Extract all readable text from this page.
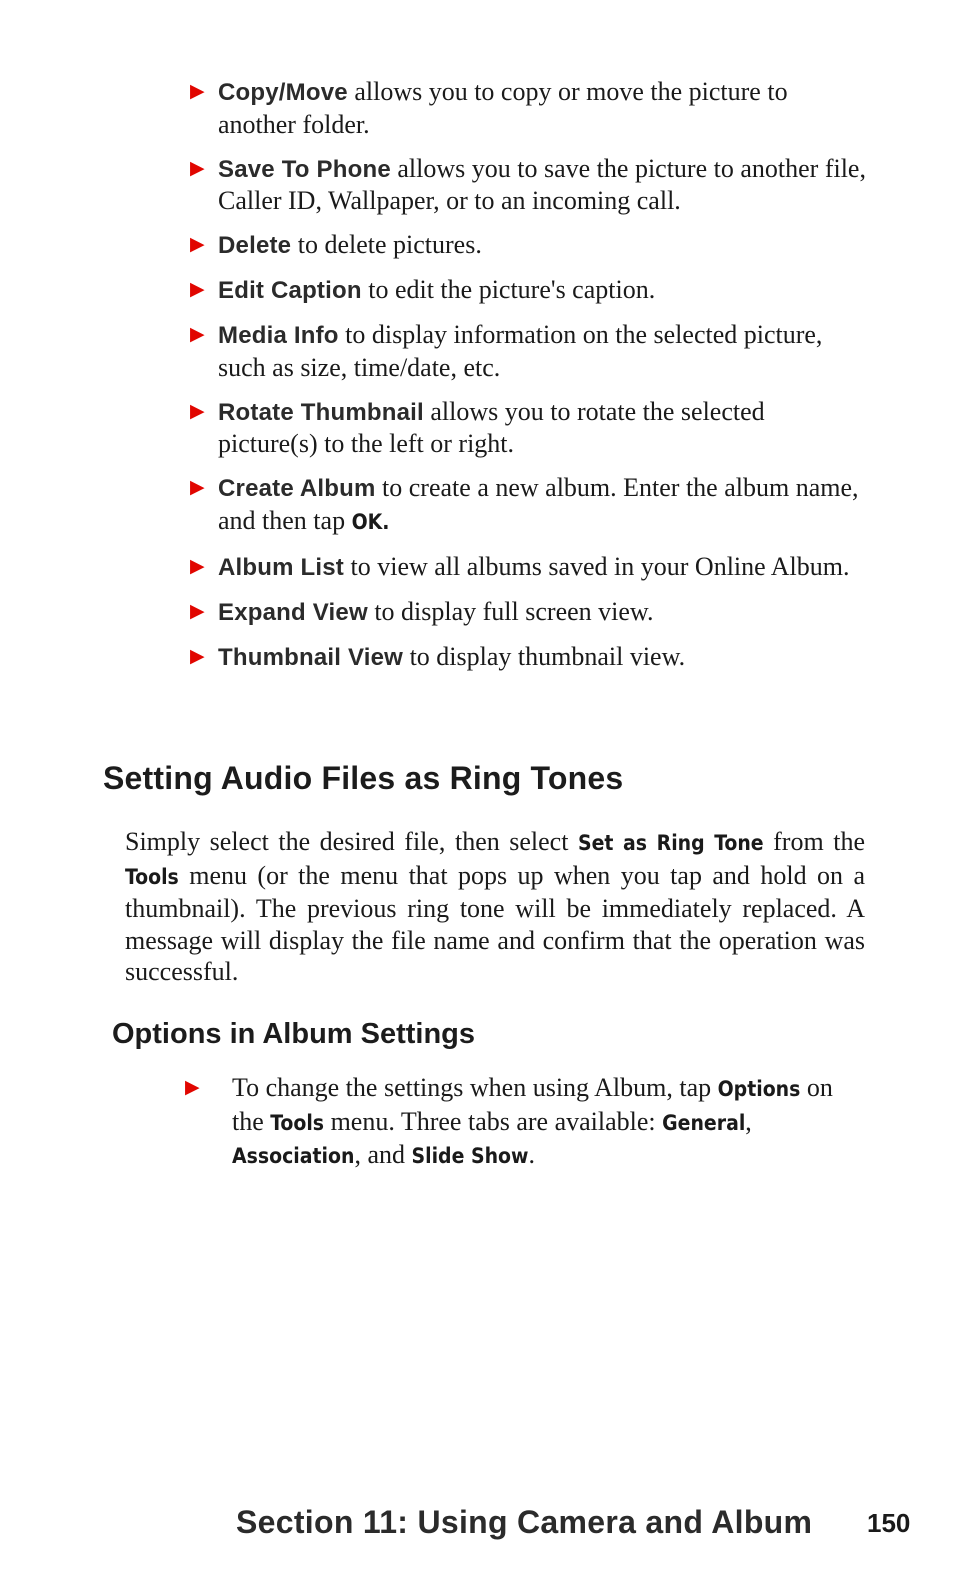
▶ Copy/Move allows you to copy or move the picture to another folder.
▶ Save To Phone allows you to save the picture to another file, Caller ID, Wallpaper, or to an incoming call.
▶ Delete to delete pictures.
▶ Edit Caption to edit the picture's caption.
▶ Media Info to display information on the selected picture, such as size, time/date, etc.
▶ Rotate Thumbnail allows you to rotate the selected picture(s) to the left or right.
▶ Create Album to create a new album. Enter the album name, and then tap OK.
▶ Album List to view all albums saved in your Online Album.
▶ Expand View to display full screen view.
▶ Thumbnail View to display thumbnail view.
Setting Audio Files as Ring Tones

Simply select the desired file, then select Set as Ring Tone from the Tools menu (or the menu that pops up when you tap and hold on a thumbnail). The previous ring tone will be immediately replaced. A message will display the file name and confirm that the operation was successful.

Options in Album Settings
▶ To change the settings when using Album, tap Options on the Tools menu. Three tabs are available: General, Association, and Slide Show.
Section 11: Using Camera and Album 150
